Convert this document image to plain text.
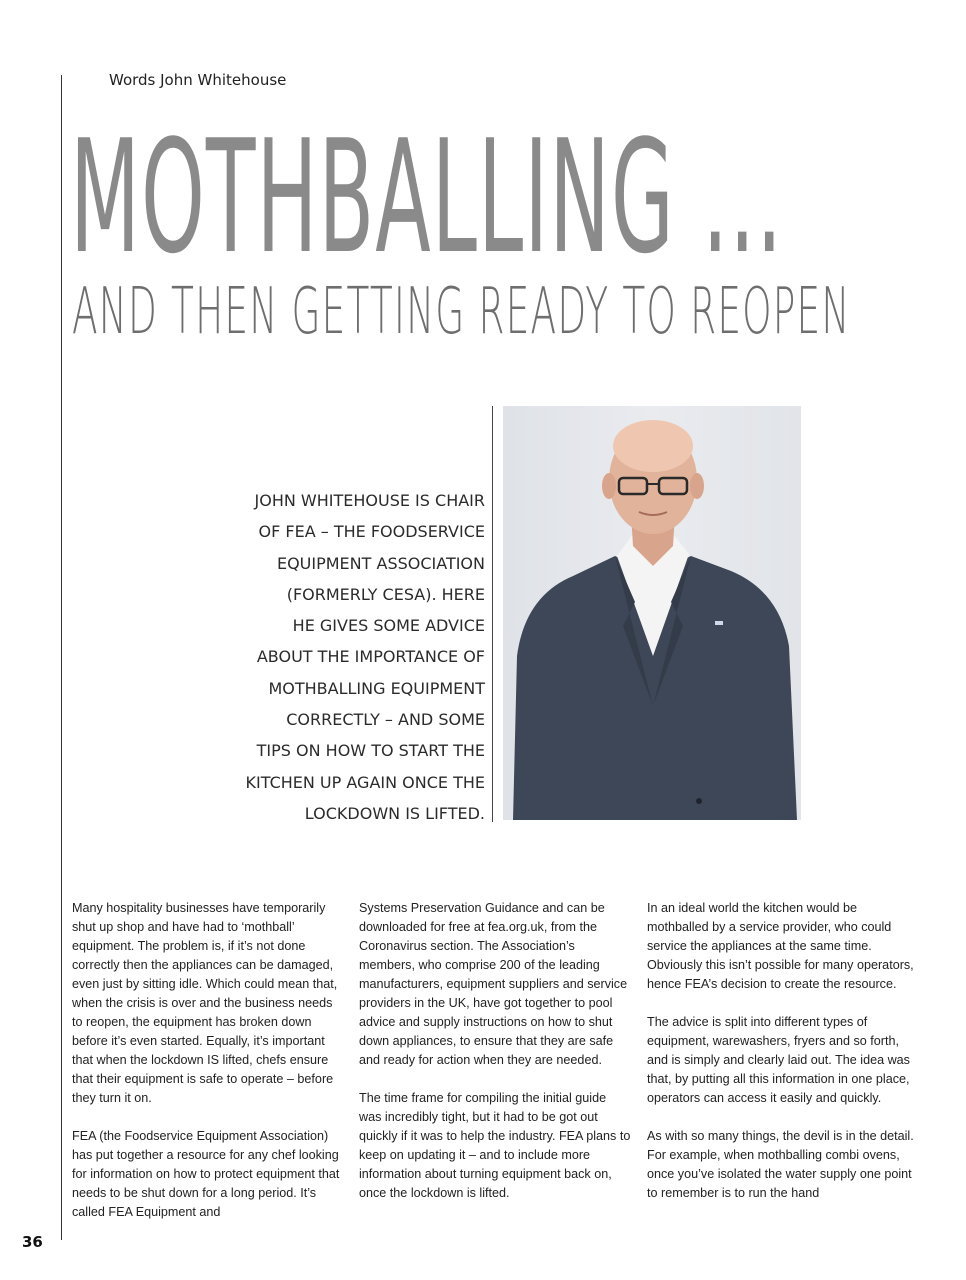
Words John Whitehouse
MOTHBALLING …
AND THEN GETTING READY TO REOPEN
JOHN WHITEHOUSE IS CHAIR
OF FEA – THE FOODSERVICE
EQUIPMENT ASSOCIATION
(FORMERLY CESA). HERE
HE GIVES SOME ADVICE
ABOUT THE IMPORTANCE OF
MOTHBALLING EQUIPMENT
CORRECTLY – AND SOME
TIPS ON HOW TO START THE
KITCHEN UP AGAIN ONCE THE
LOCKDOWN IS LIFTED.

Many hospitality businesses have temporarily shut up shop and have had to ‘mothball’ equipment. The problem is, if it’s not done correctly then the appliances can be damaged, even just by sitting idle. Which could mean that, when the crisis is over and the business needs to reopen, the equipment has broken down before it’s even started. Equally, it’s important that when the lockdown IS lifted, chefs ensure that their equipment is safe to operate – before they turn it on.

FEA (the Foodservice Equipment Association) has put together a resource for any chef looking for information on how to protect equipment that needs to be shut down for a long period. It’s called FEA Equipment and

Systems Preservation Guidance and can be downloaded for free at fea.org.uk, from the Coronavirus section. The Association’s members, who comprise 200 of the leading manufacturers, equipment suppliers and service providers in the UK, have got together to pool advice and supply instructions on how to shut down appliances, to ensure that they are safe and ready for action when they are needed.

The time frame for compiling the initial guide was incredibly tight, but it had to be got out quickly if it was to help the industry. FEA plans to keep on updating it – and to include more information about turning equipment back on, once the lockdown is lifted.

In an ideal world the kitchen would be mothballed by a service provider, who could service the appliances at the same time. Obviously this isn’t possible for many operators, hence FEA’s decision to create the resource.

The advice is split into different types of equipment, warewashers, fryers and so forth, and is simply and clearly laid out. The idea was that, by putting all this information in one place, operators can access it easily and quickly.

As with so many things, the devil is in the detail. For example, when mothballing combi ovens, once you’ve isolated the water supply one point to remember is to run the hand

36
